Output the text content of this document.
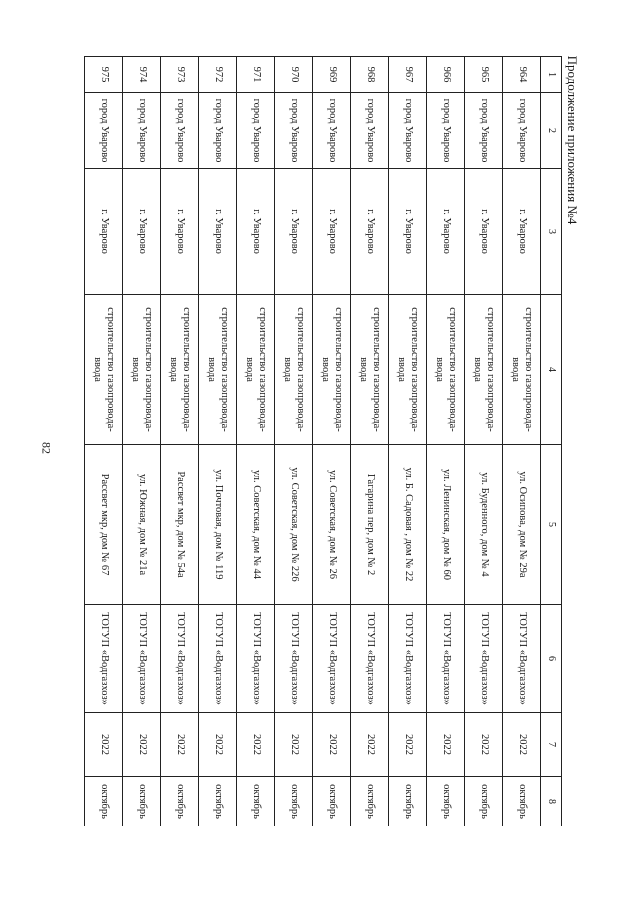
82
Продолжение приложения №4
1	2	3	4	5	6	7	8
964	город Уварово	г. Уварово	строительство газопровода-ввода	ул. Осипова, дом № 29а	ТОГУП «Водгазхоз»	2022	октябрь
965	город Уварово	г. Уварово	строительство газопровода-ввода	ул. Буденного, дом № 4	ТОГУП «Водгазхоз»	2022	октябрь
966	город Уварово	г. Уварово	строительство газопровода-ввода	ул. Ленинская, дом № 60	ТОГУП «Водгазхоз»	2022	октябрь
967	город Уварово	г. Уварово	строительство газопровода-ввода	ул. Б. Садовая , дом № 22	ТОГУП «Водгазхоз»	2022	октябрь
968	город Уварово	г. Уварово	строительство газопровода-ввода	Гагарина пер, дом № 2	ТОГУП «Водгазхоз»	2022	октябрь
969	город Уварово	г. Уварово	строительство газопровода-ввода	ул. Советская, дом № 26	ТОГУП «Водгазхоз»	2022	октябрь
970	город Уварово	г. Уварово	строительство газопровода-ввода	ул. Советская, дом № 226	ТОГУП «Водгазхоз»	2022	октябрь
971	город Уварово	г. Уварово	строительство газопровода-ввода	ул. Советская, дом № 44	ТОГУП «Водгазхоз»	2022	октябрь
972	город Уварово	г. Уварово	строительство газопровода-ввода	ул. Почтовая, дом № 119	ТОГУП «Водгазхоз»	2022	октябрь
973	город Уварово	г. Уварово	строительство газопровода-ввода	Рассвет мкр, дом № 54а	ТОГУП «Водгазхоз»	2022	октябрь
974	город Уварово	г. Уварово	строительство газопровода-ввода	ул. Южная, дом № 21а	ТОГУП «Водгазхоз»	2022	октябрь
975	город Уварово	г. Уварово	строительство газопровода-ввода	Рассвет мкр, дом № 67	ТОГУП «Водгазхоз»	2022	октябрь
